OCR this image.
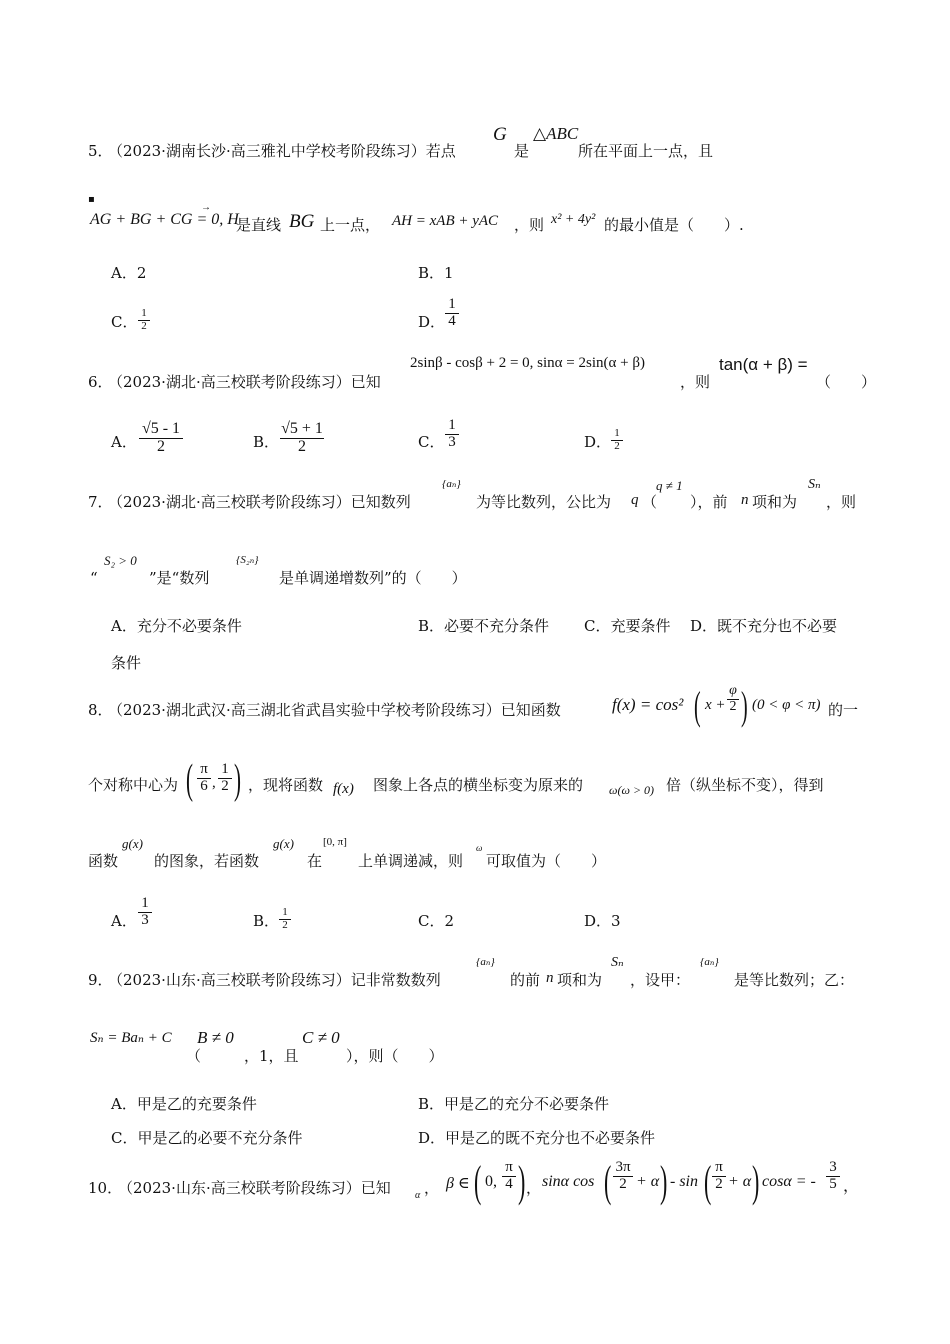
5．
（2023·湖南长沙·高三雅礼中学校考阶段练习）若点
G
是
△ABC
所在平面上一点，且
▪
→
AG + BG + CG = 0, H
是直线 BG 上一点， AH = xAB + yAC ，则 x² + 4y² 的最小值是（　　）.
A．2	B．1
C． $\frac{1}{2}$	D． $\frac{1}{4}$
6．
（2023·湖北·高三校联考阶段练习）已知
2sinβ - cosβ + 2 = 0, sinα = 2sin(α + β)
，则
tan(α + β) =
（　　）
A． $\frac{√5 - 1}{2}$	B． $\frac{√5 + 1}{2}$	C． $\frac{1}{3}$	D． $\frac{1}{2}$
7．
（2023·湖北·高三校联考阶段练习）已知数列
{aₙ}
为等比数列，公比为 q （
q ≠ 1
），前 n 项和为
Sₙ
，则
“
S₂ > 0
”是“数列
{S₂ₙ}
是单调递增数列”的（　　）
A．充分不必要条件	B．必要不充分条件 C．充要条件 D．既不充分也不必要
条件
8．
（2023·湖北武汉·高三湖北省武昌实验中学校考阶段练习）已知函数	f(x) = cos² ( $x + \frac{\varphi}{2}$ ) (0 < φ < π) 的一
个对称中心为 ( $\frac{\pi}{6}$ , $\frac{1}{2}$ ) ，现将函数 f(x) 图象上各点的横坐标变为原来的 ω(ω > 0) 倍（纵坐标不变），得到
函数
g(x)
的图象，若函数
g(x)
在
[0, π]
上单调递减，则
ω
可取值为（　　）
A． $\frac{1}{3}$	B． $\frac{1}{2}$	C．2	D．3
9．
（2023·山东·高三校联考阶段练习）记非常数数列
{aₙ}
的前 n 项和为
Sₙ
，设甲：
{aₙ}
是等比数列；乙：
Sₙ = Baₙ + C
（
B ≠ 0
，1，且
C ≠ 0
），则（　　）
A．甲是乙的充要条件	B．甲是乙的充分不必要条件
C．甲是乙的必要不充分条件	D．甲是乙的既不充分也不必要条件
10．
（2023·山东·高三校联考阶段练习）已知 ，
α
β ∈ ( 0, $\frac{\pi}{4}$ ) ， sinα cos ( $\frac{3\pi}{2} + \alpha$ ) - sin ( $\frac{\pi}{2} + \alpha$ ) cosα = - $\frac{3}{5}$ ，
